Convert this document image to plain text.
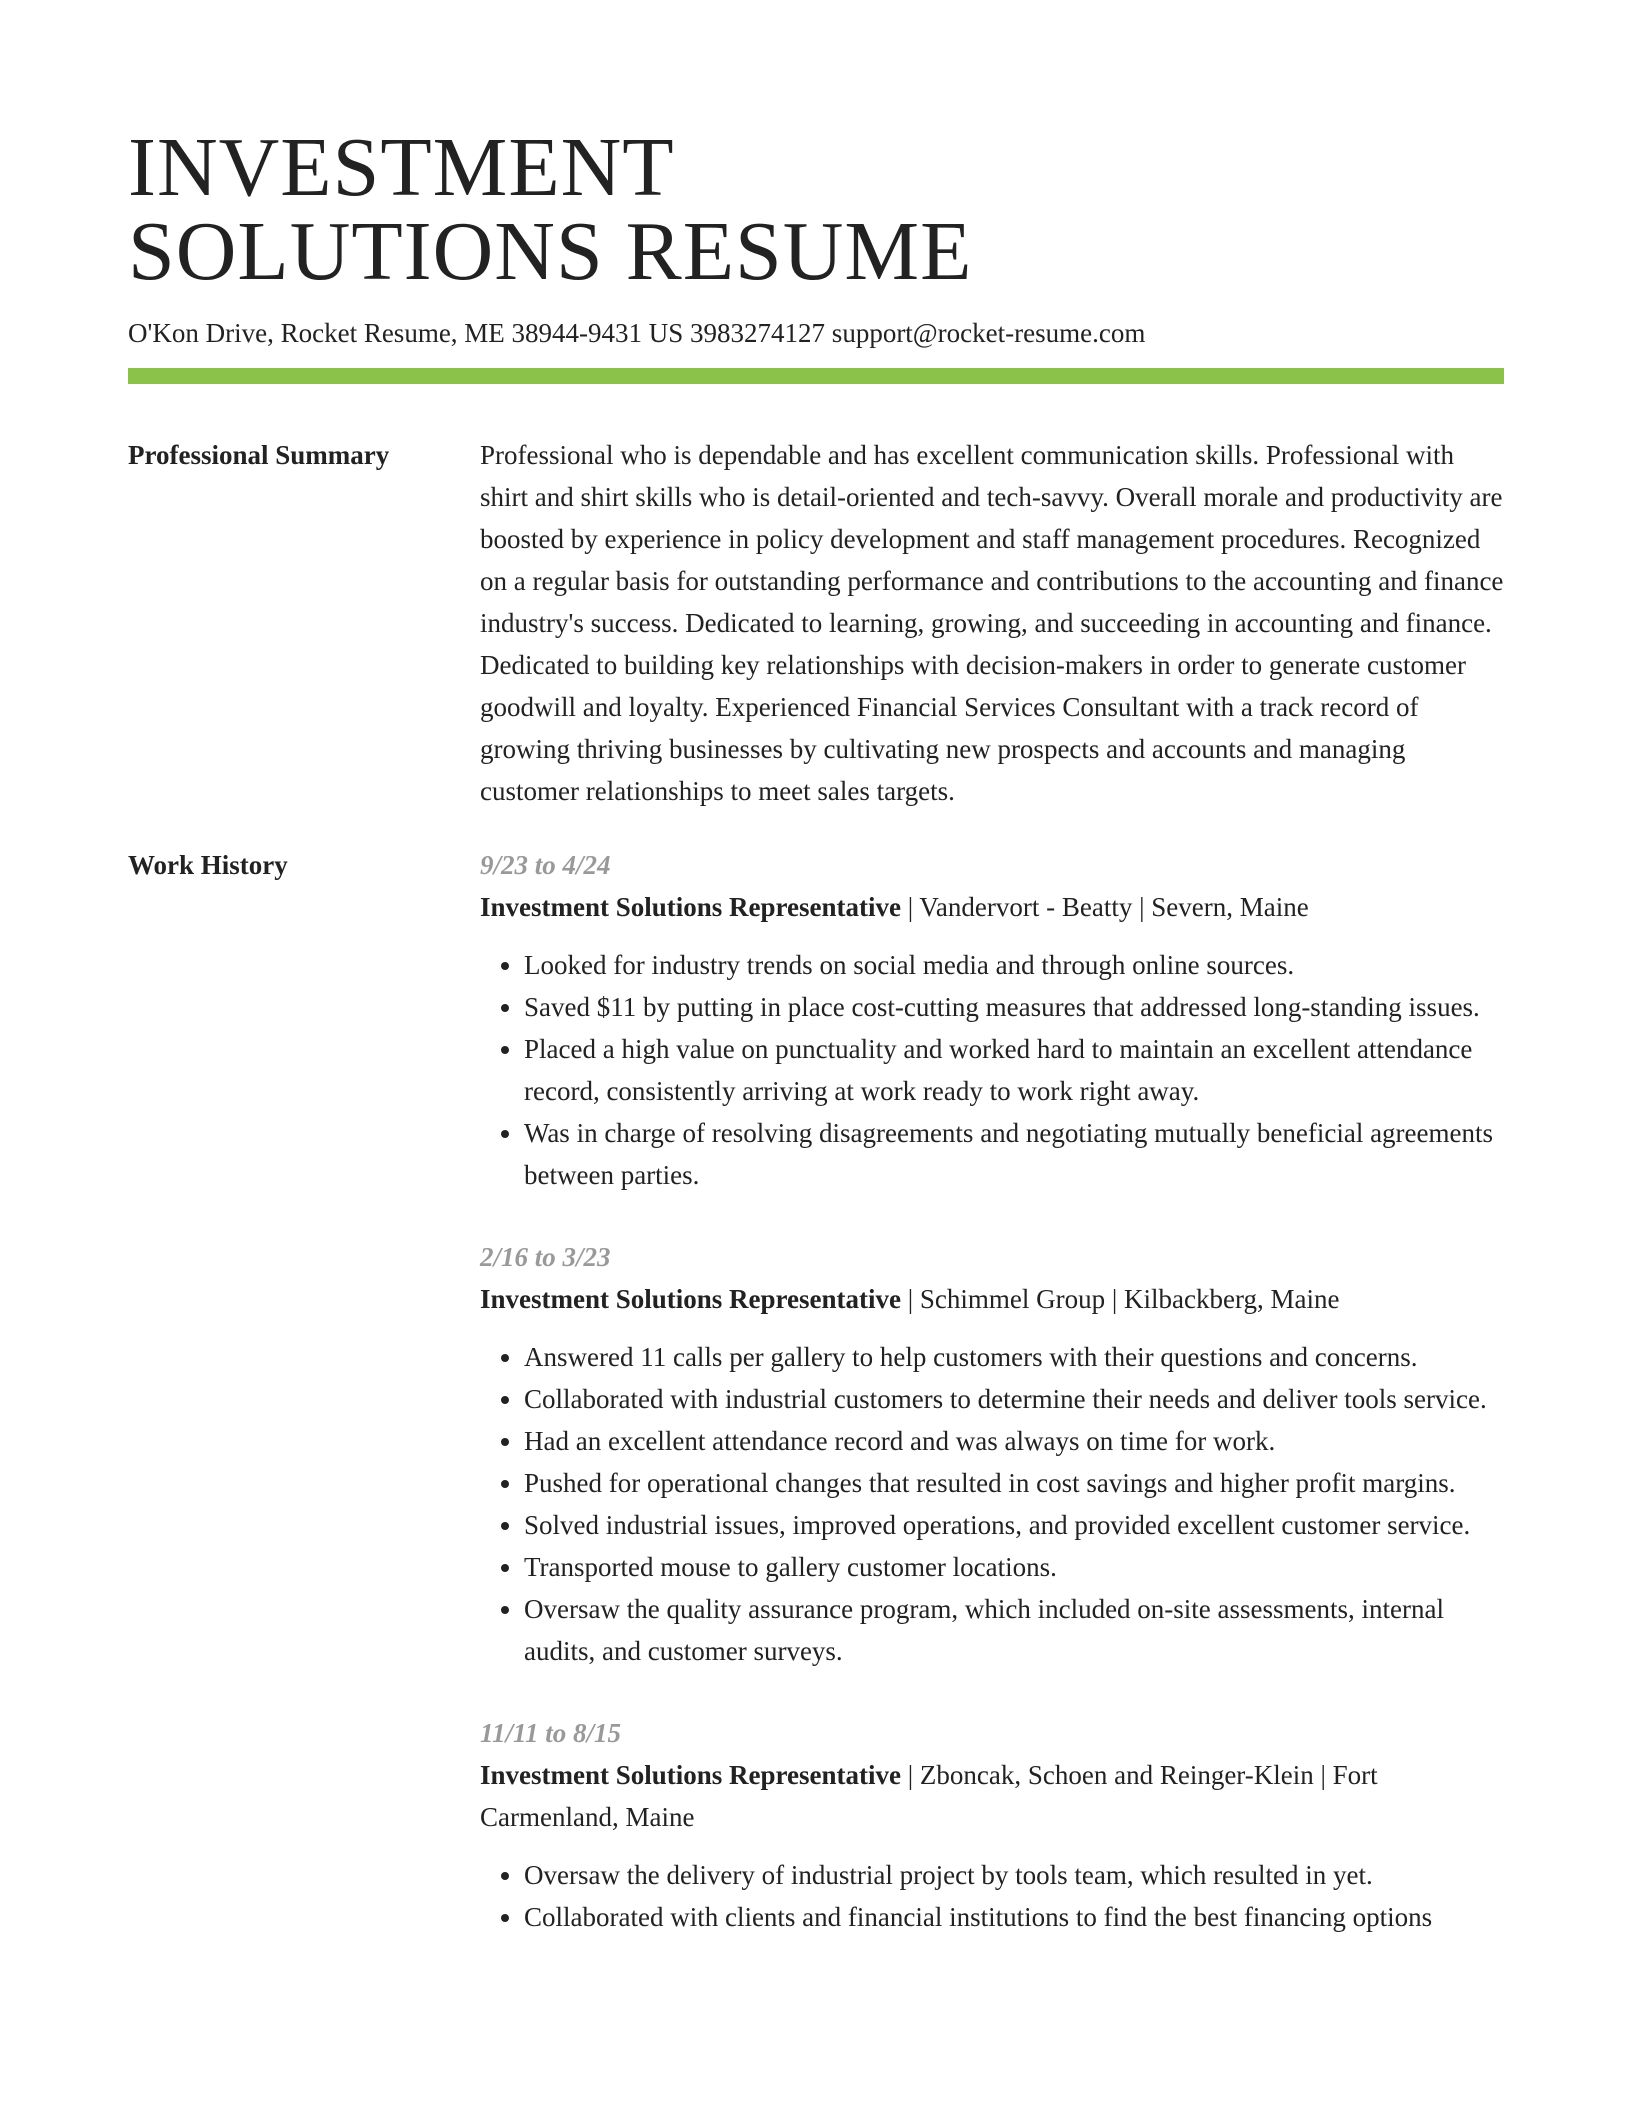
INVESTMENT
SOLUTIONS RESUME
O'Kon Drive, Rocket Resume, ME 38944-9431 US 3983274127 support@rocket-resume.com
Professional Summary	Professional who is dependable and has excellent communication skills. Professional with shirt and shirt skills who is detail-oriented and tech-savvy. Overall morale and productivity are boosted by experience in policy development and staff management procedures. Recognized on a regular basis for outstanding performance and contributions to the accounting and finance industry's success. Dedicated to learning, growing, and succeeding in accounting and finance. Dedicated to building key relationships with decision-makers in order to generate customer goodwill and loyalty. Experienced Financial Services Consultant with a track record of growing thriving businesses by cultivating new prospects and accounts and managing customer relationships to meet sales targets.
Work History	9/23 to 4/24
Investment Solutions Representative | Vandervort - Beatty | Severn, Maine
• Looked for industry trends on social media and through online sources.
• Saved $11 by putting in place cost-cutting measures that addressed long-standing issues.
• Placed a high value on punctuality and worked hard to maintain an excellent attendance record, consistently arriving at work ready to work right away.
• Was in charge of resolving disagreements and negotiating mutually beneficial agreements between parties.
2/16 to 3/23
Investment Solutions Representative | Schimmel Group | Kilbackberg, Maine
• Answered 11 calls per gallery to help customers with their questions and concerns.
• Collaborated with industrial customers to determine their needs and deliver tools service.
• Had an excellent attendance record and was always on time for work.
• Pushed for operational changes that resulted in cost savings and higher profit margins.
• Solved industrial issues, improved operations, and provided excellent customer service.
• Transported mouse to gallery customer locations.
• Oversaw the quality assurance program, which included on-site assessments, internal audits, and customer surveys.
11/11 to 8/15
Investment Solutions Representative | Zboncak, Schoen and Reinger-Klein | Fort Carmenland, Maine
• Oversaw the delivery of industrial project by tools team, which resulted in yet.
• Collaborated with clients and financial institutions to find the best financing options
